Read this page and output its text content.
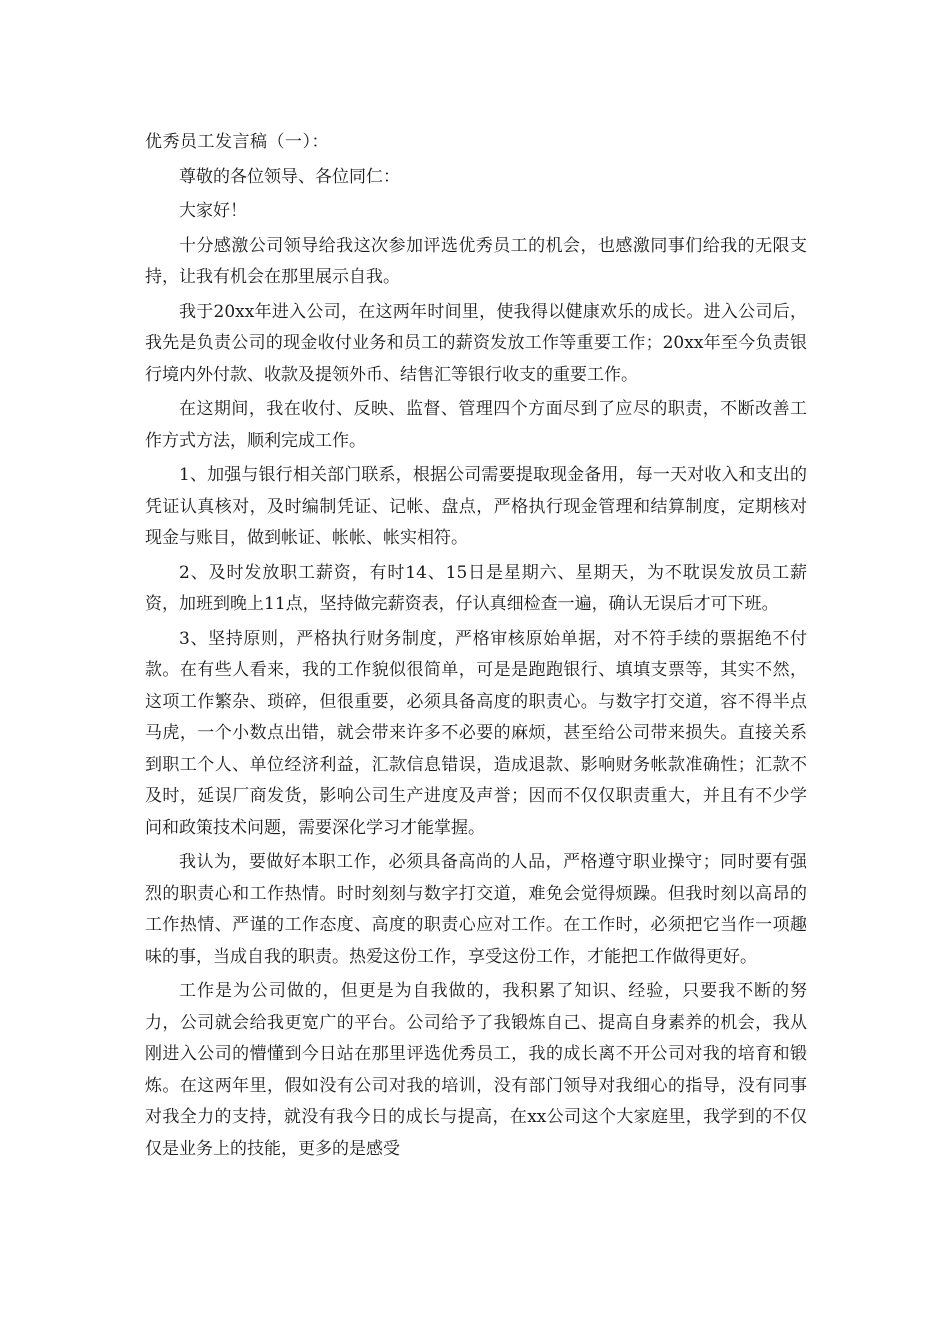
优秀员工发言稿（一）：

尊敬的各位领导、各位同仁：

大家好！

十分感激公司领导给我这次参加评选优秀员工的机会，也感激同事们给我的无限支持，让我有机会在那里展示自我。

我于20xx年进入公司，在这两年时间里，使我得以健康欢乐的成长。进入公司后，我先是负责公司的现金收付业务和员工的薪资发放工作等重要工作；20xx年至今负责银行境内外付款、收款及提领外币、结售汇等银行收支的重要工作。

在这期间，我在收付、反映、监督、管理四个方面尽到了应尽的职责，不断改善工作方式方法，顺利完成工作。

1、加强与银行相关部门联系，根据公司需要提取现金备用，每一天对收入和支出的凭证认真核对，及时编制凭证、记帐、盘点，严格执行现金管理和结算制度，定期核对现金与账目，做到帐证、帐帐、帐实相符。

2、及时发放职工薪资，有时14、15日是星期六、星期天，为不耽误发放员工薪资，加班到晚上11点，坚持做完薪资表，仔认真细检查一遍，确认无误后才可下班。

3、坚持原则，严格执行财务制度，严格审核原始单据，对不符手续的票据绝不付款。在有些人看来，我的工作貌似很简单，可是是跑跑银行、填填支票等，其实不然，这项工作繁杂、琐碎，但很重要，必须具备高度的职责心。与数字打交道，容不得半点马虎，一个小数点出错，就会带来许多不必要的麻烦，甚至给公司带来损失。直接关系到职工个人、单位经济利益，汇款信息错误，造成退款、影响财务帐款准确性；汇款不及时，延误厂商发货，影响公司生产进度及声誉；因而不仅仅职责重大，并且有不少学问和政策技术问题，需要深化学习才能掌握。

我认为，要做好本职工作，必须具备高尚的人品，严格遵守职业操守；同时要有强烈的职责心和工作热情。时时刻刻与数字打交道，难免会觉得烦躁。但我时刻以高昂的工作热情、严谨的工作态度、高度的职责心应对工作。在工作时，必须把它当作一项趣味的事，当成自我的职责。热爱这份工作，享受这份工作，才能把工作做得更好。

工作是为公司做的，但更是为自我做的，我积累了知识、经验，只要我不断的努力，公司就会给我更宽广的平台。公司给予了我锻炼自己、提高自身素养的机会，我从刚进入公司的懵懂到今日站在那里评选优秀员工，我的成长离不开公司对我的培育和锻炼。在这两年里，假如没有公司对我的培训，没有部门领导对我细心的指导，没有同事对我全力的支持，就没有我今日的成长与提高，在xx公司这个大家庭里，我学到的不仅仅是业务上的技能，更多的是感受
